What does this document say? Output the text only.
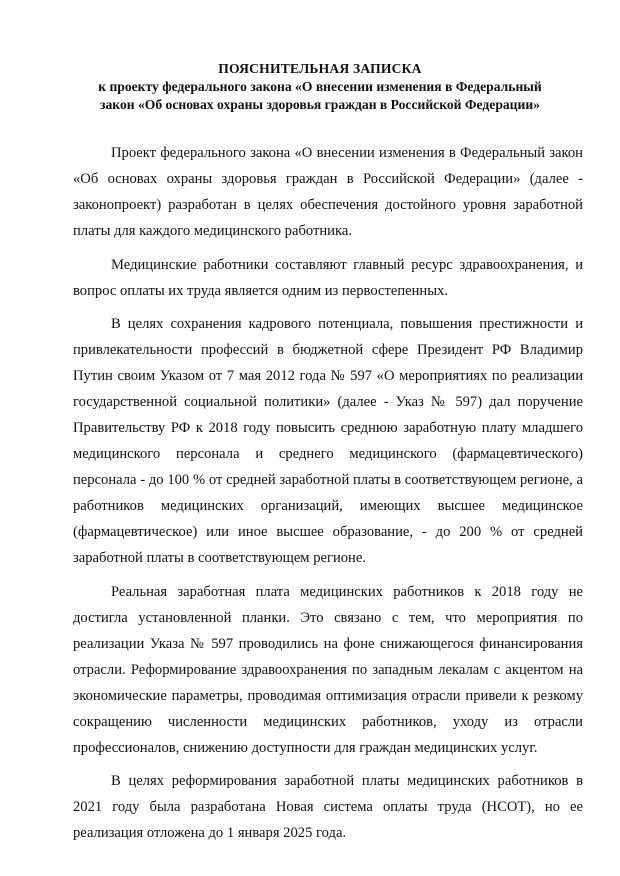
ПОЯСНИТЕЛЬНАЯ ЗАПИСКА
к проекту федерального закона «О внесении изменения в Федеральный
закон «Об основах охраны здоровья граждан в Российской Федерации»

Проект федерального закона «О внесении изменения в Федеральный закон «Об основах охраны здоровья граждан в Российской Федерации» (далее - законопроект) разработан в целях обеспечения достойного уровня заработной платы для каждого медицинского работника.

Медицинские работники составляют главный ресурс здравоохранения, и вопрос оплаты их труда является одним из первостепенных.

В целях сохранения кадрового потенциала, повышения престижности и привлекательности профессий в бюджетной сфере Президент РФ Владимир Путин своим Указом от 7 мая 2012 года № 597 «О мероприятиях по реализации государственной социальной политики» (далее - Указ № 597) дал поручение Правительству РФ к 2018 году повысить среднюю заработную плату младшего медицинского персонала и среднего медицинского (фармацевтического) персонала - до 100 % от средней заработной платы в соответствующем регионе, а работников медицинских организаций, имеющих высшее медицинское (фармацевтическое) или иное высшее образование, - до 200 % от средней заработной платы в соответствующем регионе.

Реальная заработная плата медицинских работников к 2018 году не достигла установленной планки. Это связано с тем, что мероприятия по реализации Указа № 597 проводились на фоне снижающегося финансирования отрасли. Реформирование здравоохранения по западным лекалам с акцентом на экономические параметры, проводимая оптимизация отрасли привели к резкому сокращению численности медицинских работников, уходу из отрасли профессионалов, снижению доступности для граждан медицинских услуг.

В целях реформирования заработной платы медицинских работников в 2021 году была разработана Новая система оплаты труда (НСОТ), но ее реализация отложена до 1 января 2025 года.
